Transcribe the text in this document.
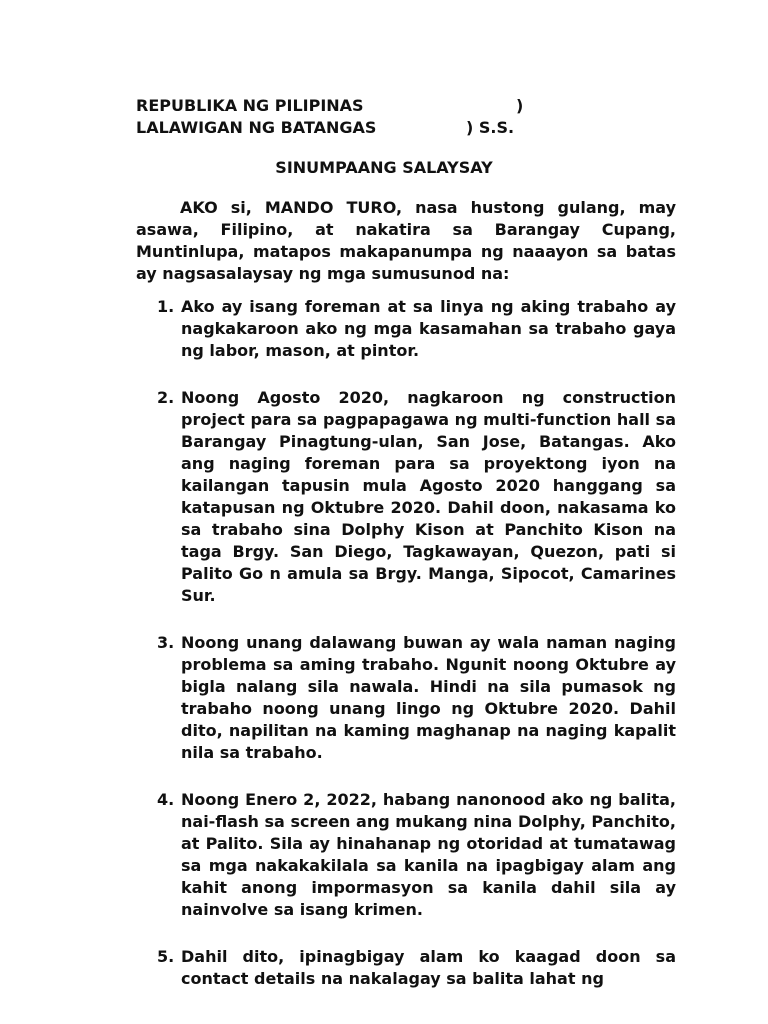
REPUBLIKA NG PILIPINAS	)
LALAWIGAN NG BATANGAS	) S.S.
SINUMPAANG SALAYSAY

AKO si, MANDO TURO, nasa hustong gulang, may asawa, Filipino, at nakatira sa Barangay Cupang, Muntinlupa, matapos makapanumpa ng naaayon sa batas ay nagsasalaysay ng mga sumusunod na:

1. Ako ay isang foreman at sa linya ng aking trabaho ay nagkakaroon ako ng mga kasamahan sa trabaho gaya ng labor, mason, at pintor.
2. Noong Agosto 2020, nagkaroon ng construction project para sa pagpapagawa ng multi-function hall sa Barangay Pinagtung-ulan, San Jose, Batangas. Ako ang naging foreman para sa proyektong iyon na kailangan tapusin mula Agosto 2020 hanggang sa katapusan ng Oktubre 2020. Dahil doon, nakasama ko sa trabaho sina Dolphy Kison at Panchito Kison na taga Brgy. San Diego, Tagkawayan, Quezon, pati si Palito Go n amula sa Brgy. Manga, Sipocot, Camarines Sur.
3. Noong unang dalawang buwan ay wala naman naging problema sa aming trabaho. Ngunit noong Oktubre ay bigla nalang sila nawala. Hindi na sila pumasok ng trabaho noong unang lingo ng Oktubre 2020. Dahil dito, napilitan na kaming maghanap na naging kapalit nila sa trabaho.
4. Noong Enero 2, 2022, habang nanonood ako ng balita, nai-flash sa screen ang mukang nina Dolphy, Panchito, at Palito. Sila ay hinahanap ng otoridad at tumatawag sa mga nakakakilala sa kanila na ipagbigay alam ang kahit anong impormasyon sa kanila dahil sila ay nainvolve sa isang krimen.
5. Dahil dito, ipinagbigay alam ko kaagad doon sa contact details na nakalagay sa balita lahat ng
